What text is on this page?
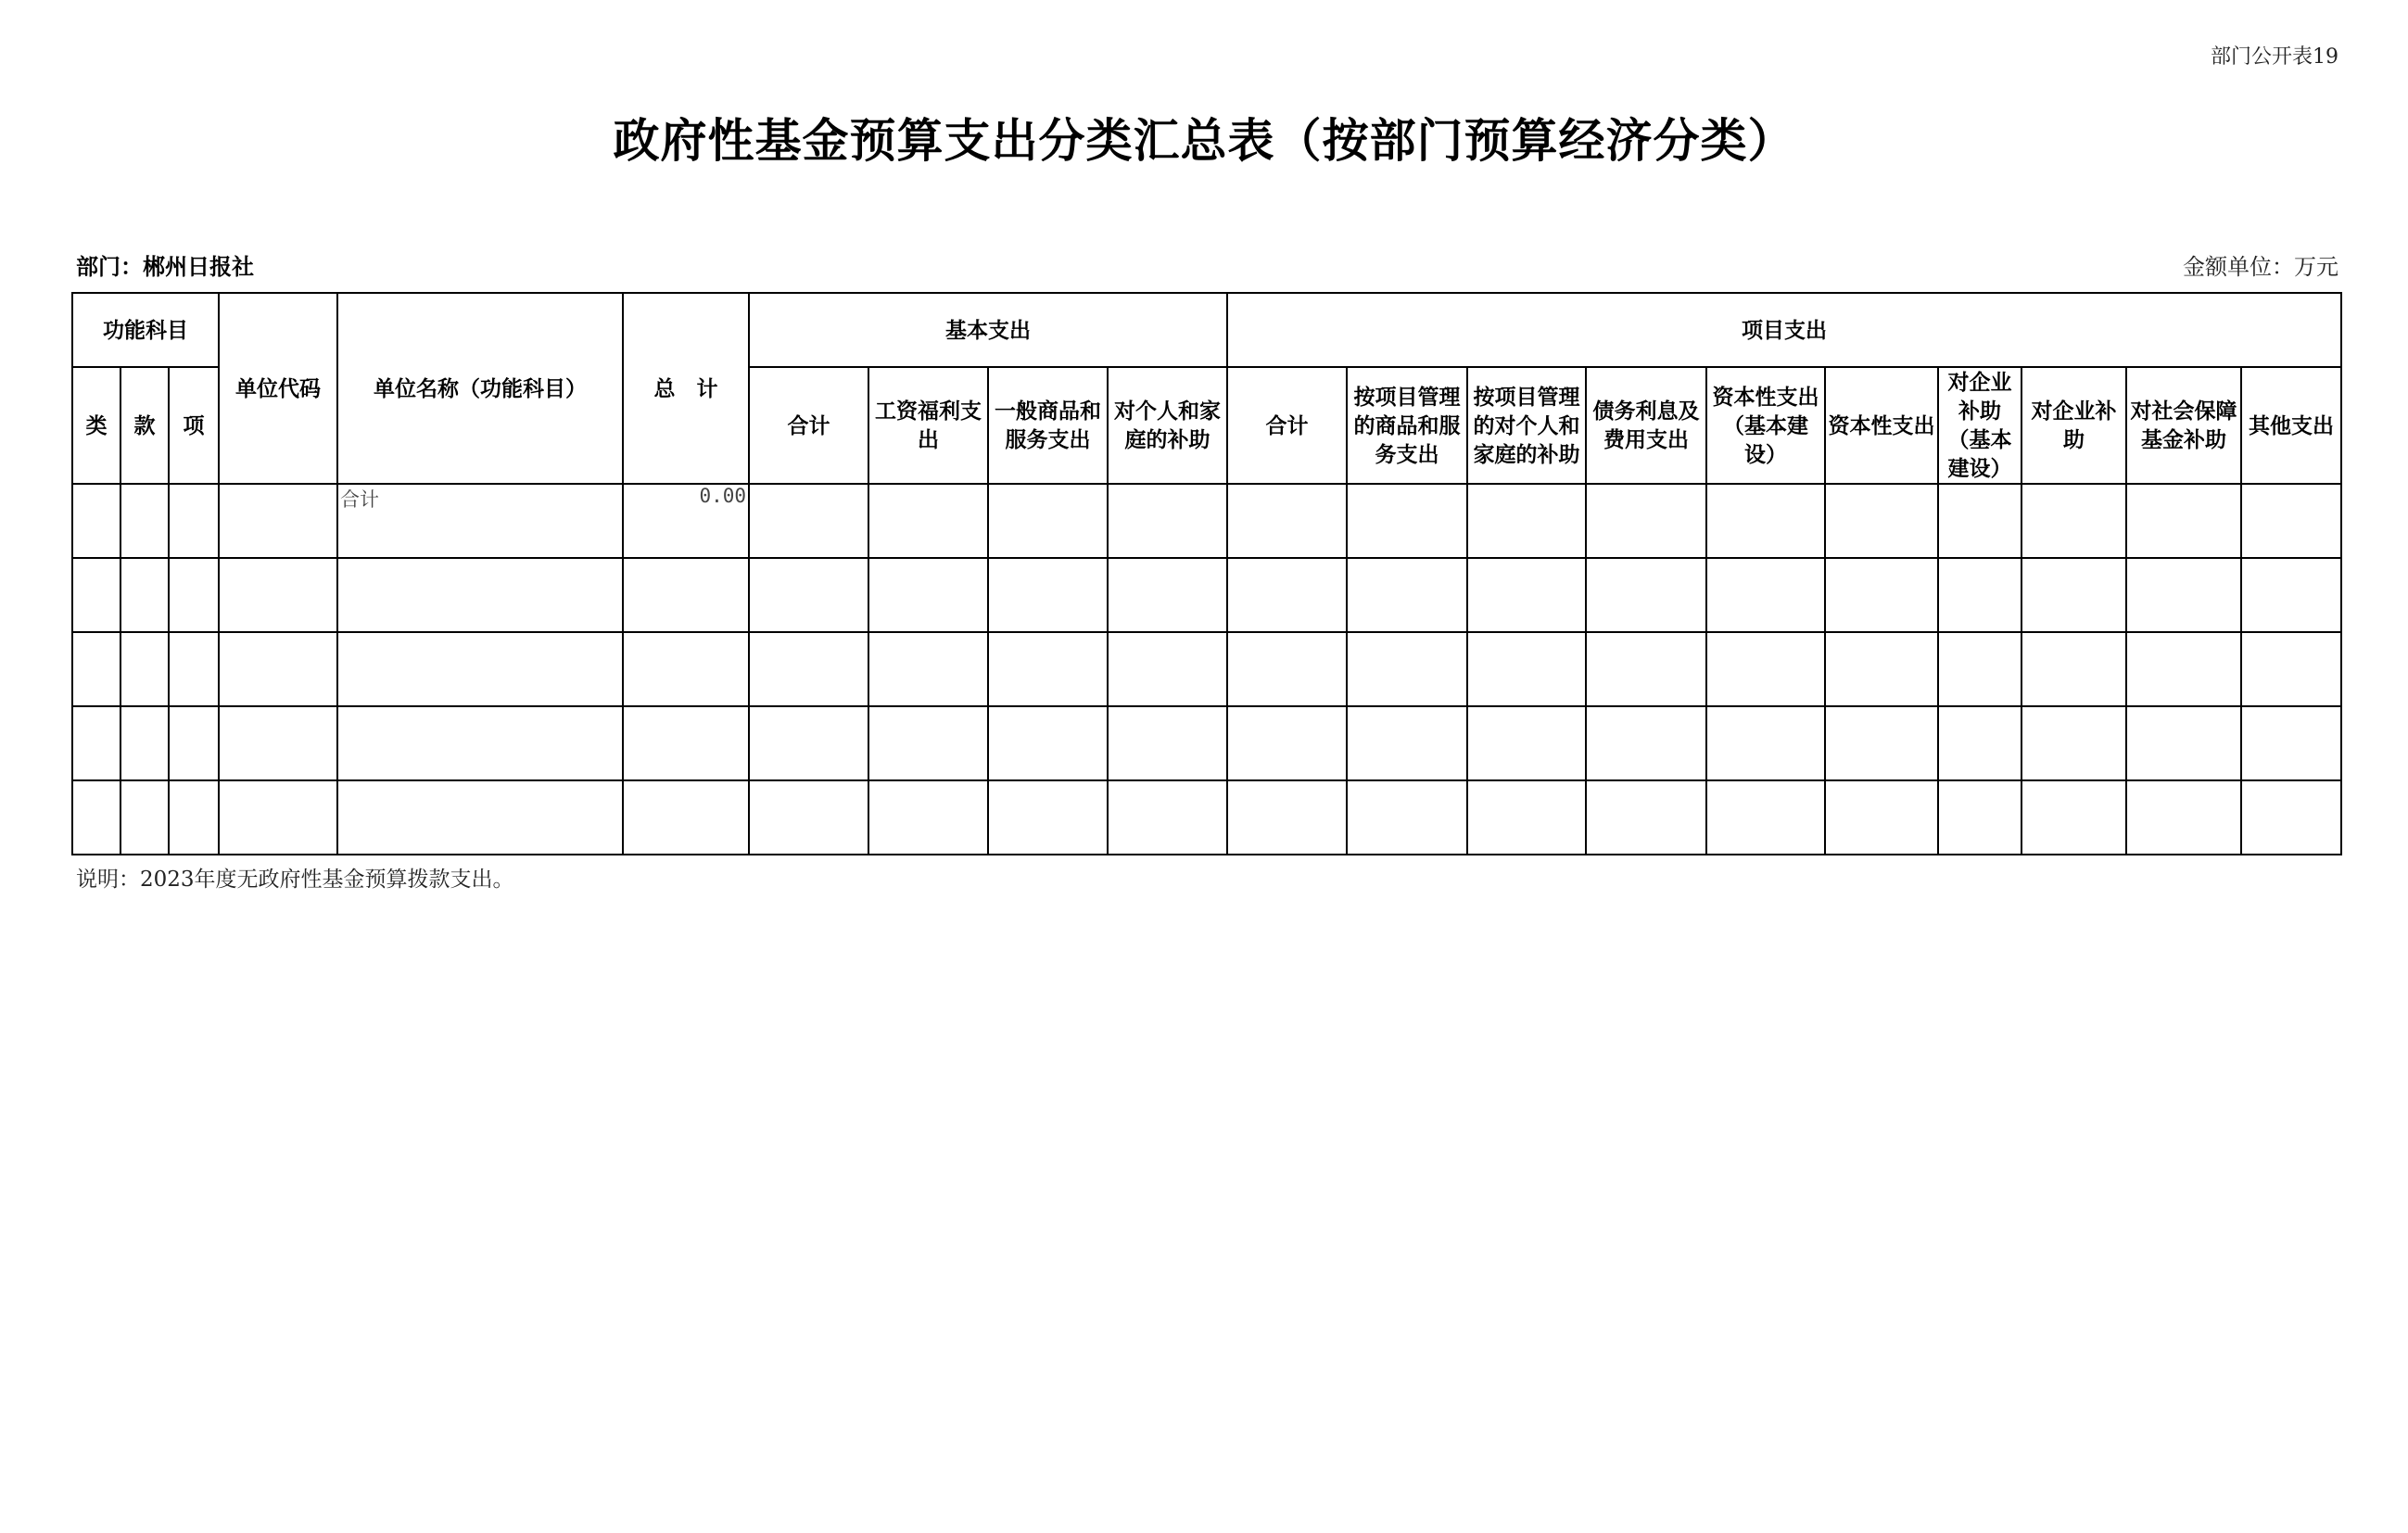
部门公开表19
政府性基金预算支出分类汇总表（按部门预算经济分类）
部门：郴州日报社	金额单位：万元
功能科目			单位代码	单位名称（功能科目）	总　计	基本支出				项目支出									
类	款	项				合计	工资福利支出	一般商品和服务支出	对个人和家庭的补助	合计	按项目管理的商品和服务支出	按项目管理的对个人和家庭的补助	债务利息及费用支出	资本性支出（基本建设）	资本性支出	对企业补助（基本建设）	对企业补助	对社会保障基金补助	其他支出
				合计	0.00														

说明：2023年度无政府性基金预算拨款支出。
